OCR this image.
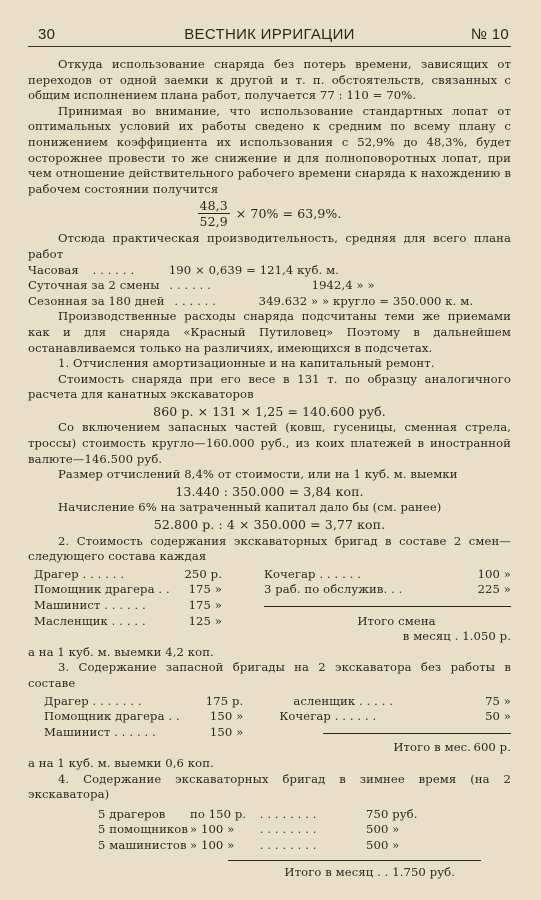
30	ВЕСТНИК ИРРИГАЦИИ	№ 10

Откуда использование снаряда без потерь времени, зависящих от переходов от одной заемки к другой и т. п. обстоятельств, связанных с общим исполнением плана работ, получается 77 : 110 = 70%.

Принимая во внимание, что использование стандартных лопат от оптимальных условий их работы сведено к средним по всему плану с понижением коэффициента их использования с 52,9% до 48,3%, будет осторожнее провести то же снижение и для полноповоротных лопат, при чем отношение действительного рабочего времени снаряда к нахождению в рабочем состоянии получится

$\frac{48,3}{52,9} \times 70\% = 63,9\%$.

Отсюда практическая производительность, средняя для всего плана работ

Часовая . . . . . .	190 × 0,639 = 121,4 куб. м.
Суточная за 2 смены . . . . . .	1942,4 » »
Сезонная за 180 дней . . . . . .	349.632 » » круглo = 350.000 к. м.

Производственные расходы снаряда подсчитаны теми же приемами как и для снаряда «Красный Путиловец» Поэтому в дальнейшем останавливаемся только на различиях, имеющихся в подсчетах.

1. Отчисления амортизационные и на капитальный ремонт.

Стоимость снаряда при его весе в 131 т. по образцу аналогичного расчета для канатных экскаваторов

860 р. × 131 × 1,25 = 140.600 руб.

Со включением запасных частей (ковш, гусеницы, сменная стрела, троссы) стоимость кругло—160.000 руб., из коих платежей в иностранной валюте—146.500 руб.

Размер отчислений 8,4% от стоимости, или на 1 куб. м. выемки

13.440 : 350.000 = 3,84 коп.

Начисление 6% на затраченный капитал дало бы (см. ранее)

52.800 р. : 4 × 350.000 = 3,77 коп.

2. Стоимость содержания экскаваторных бригад в составе 2 смен—следующего состава каждая

Драгер . . . . . .	250 р.	Кочегар . . . . . .	100 »
Помощник драгера . .	175 »	3 раб. по обслужив. . .	225 »
Машинист . . . . . .	175 »		

Масленщик . . . . .	125 »	Итого смена	
		в месяц . 1.050 р.	

а на 1 куб. м. выемки 4,2 коп.

3. Содержание запасной бригады на 2 экскаватора без работы в составе

Драгер . . . . . . .	175 р.	асленщик . . . . .	75 »
Помощник драгера . .	150 »	Кочегар . . . . . .	50 »
Машинист . . . . . .	150 »		

		Итого в мес.	600 р.

а на 1 куб. м. выемки 0,6 коп.

4. Содержание экскаваторных бригад в зимнее время (на 2 экскаватора)

5 драгеров	по 150 р.	. . . . . . . .	750 руб.
5 помощников	» 100 »	. . . . . . . .	500 »
5 машинистов	» 100 »	. . . . . . . .	500 »

Итого в месяц . . 1.750 руб.
